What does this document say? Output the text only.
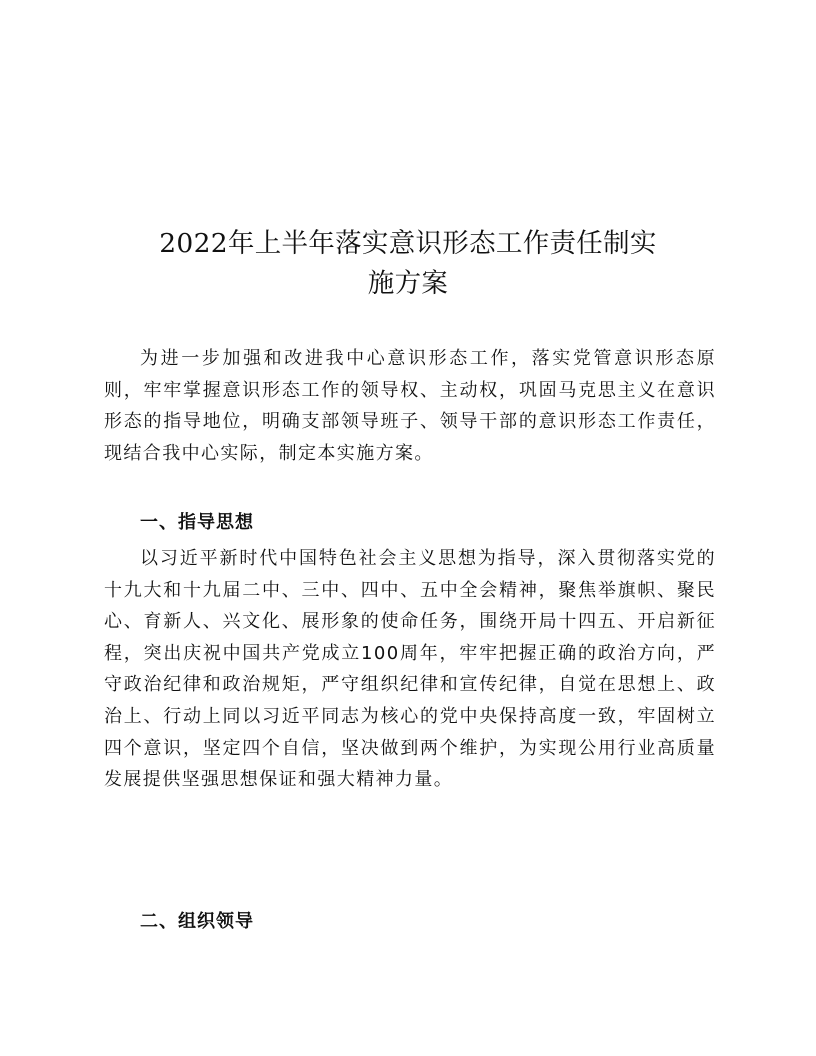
2022年上半年落实意识形态工作责任制实
施方案

为进一步加强和改进我中心意识形态工作，落实党管意识形态原则，牢牢掌握意识形态工作的领导权、主动权，巩固马克思主义在意识形态的指导地位，明确支部领导班子、领导干部的意识形态工作责任，现结合我中心实际，制定本实施方案。

一、指导思想

以习近平新时代中国特色社会主义思想为指导，深入贯彻落实党的十九大和十九届二中、三中、四中、五中全会精神，聚焦举旗帜、聚民心、育新人、兴文化、展形象的使命任务，围绕开局十四五、开启新征程，突出庆祝中国共产党成立100周年，牢牢把握正确的政治方向，严守政治纪律和政治规矩，严守组织纪律和宣传纪律，自觉在思想上、政治上、行动上同以习近平同志为核心的党中央保持高度一致，牢固树立四个意识，坚定四个自信，坚决做到两个维护，为实现公用行业高质量发展提供坚强思想保证和强大精神力量。

二、组织领导
